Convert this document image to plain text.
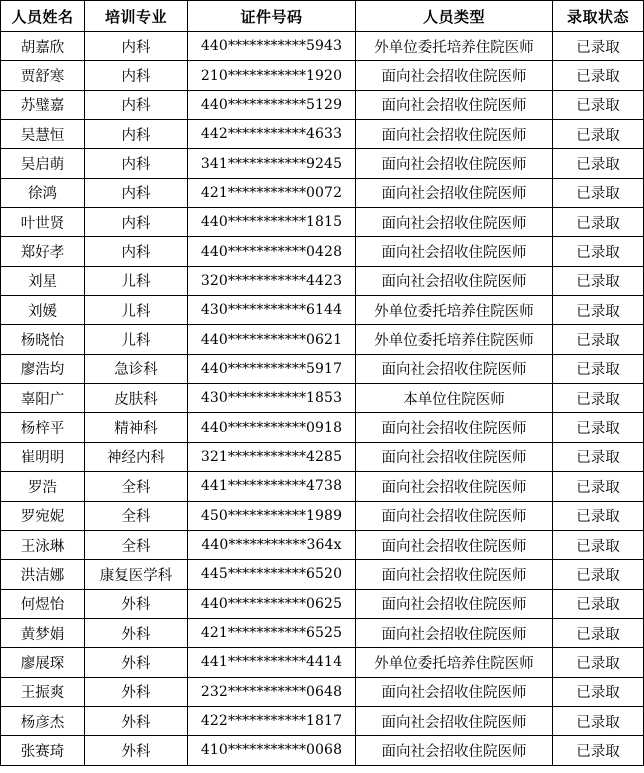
人员姓名	培训专业	证件号码	人员类型	录取状态
胡嘉欣	内科	440***********5943	外单位委托培养住院医师	已录取
贾舒寒	内科	210***********1920	面向社会招收住院医师	已录取
苏璧嘉	内科	440***********5129	面向社会招收住院医师	已录取
吴慧恒	内科	442***********4633	面向社会招收住院医师	已录取
吴启萌	内科	341***********9245	面向社会招收住院医师	已录取
徐鸿	内科	421***********0072	面向社会招收住院医师	已录取
叶世贤	内科	440***********1815	面向社会招收住院医师	已录取
郑好孝	内科	440***********0428	面向社会招收住院医师	已录取
刘星	儿科	320***********4423	面向社会招收住院医师	已录取
刘媛	儿科	430***********6144	外单位委托培养住院医师	已录取
杨晓怡	儿科	440***********0621	外单位委托培养住院医师	已录取
廖浩均	急诊科	440***********5917	面向社会招收住院医师	已录取
辜阳广	皮肤科	430***********1853	本单位住院医师	已录取
杨梓平	精神科	440***********0918	面向社会招收住院医师	已录取
崔明明	神经内科	321***********4285	面向社会招收住院医师	已录取
罗浩	全科	441***********4738	面向社会招收住院医师	已录取
罗宛妮	全科	450***********1989	面向社会招收住院医师	已录取
王泳琳	全科	440***********364x	面向社会招收住院医师	已录取
洪洁娜	康复医学科	445***********6520	面向社会招收住院医师	已录取
何煜怡	外科	440***********0625	面向社会招收住院医师	已录取
黄梦娟	外科	421***********6525	面向社会招收住院医师	已录取
廖展琛	外科	441***********4414	外单位委托培养住院医师	已录取
王振爽	外科	232***********0648	面向社会招收住院医师	已录取
杨彦杰	外科	422***********1817	面向社会招收住院医师	已录取
张赛琦	外科	410***********0068	面向社会招收住院医师	已录取
